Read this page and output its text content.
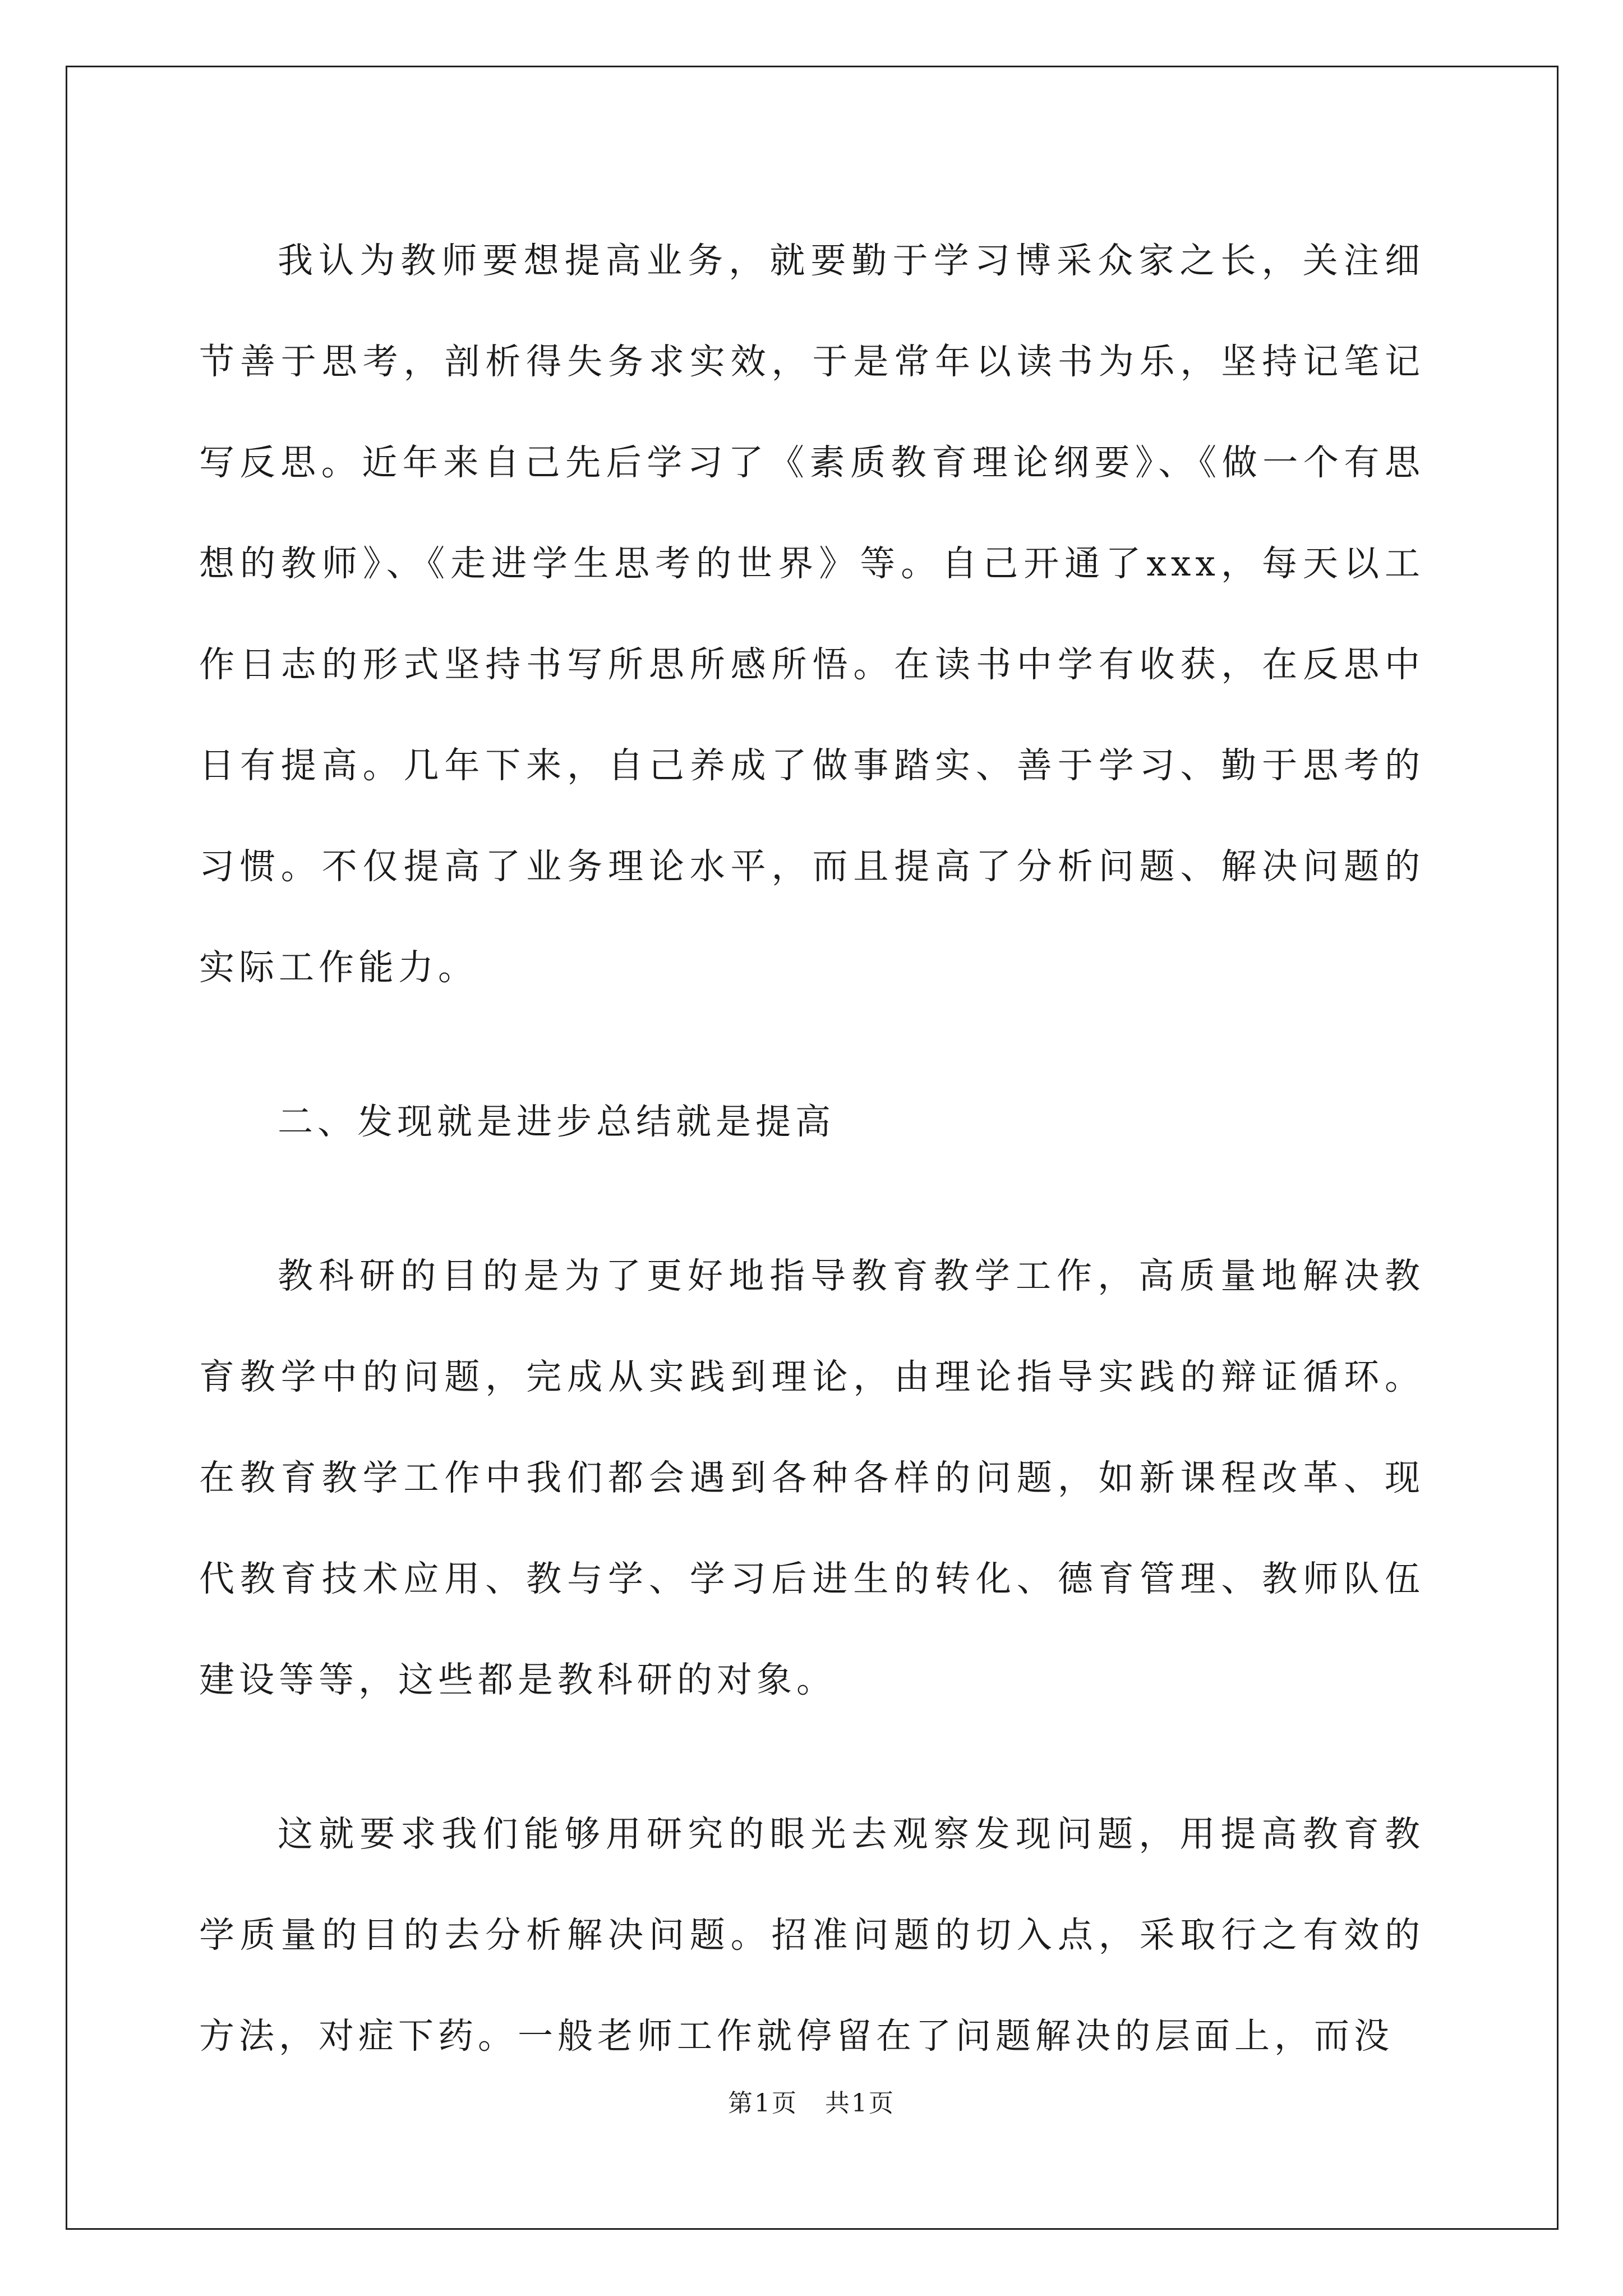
我认为教师要想提高业务，就要勤于学习博采众家之长，关注细节善于思考，剖析得失务求实效，于是常年以读书为乐，坚持记笔记写反思。近年来自己先后学习了《素质教育理论纲要》、《做一个有思想的教师》、《走进学生思考的世界》等。自己开通了xxx，每天以工作日志的形式坚持书写所思所感所悟。在读书中学有收获，在反思中日有提高。几年下来，自己养成了做事踏实、善于学习、勤于思考的习惯。不仅提高了业务理论水平，而且提高了分析问题、解决问题的实际工作能力。

二、发现就是进步总结就是提高

教科研的目的是为了更好地指导教育教学工作，高质量地解决教育教学中的问题，完成从实践到理论，由理论指导实践的辩证循环。在教育教学工作中我们都会遇到各种各样的问题，如新课程改革、现代教育技术应用、教与学、学习后进生的转化、德育管理、教师队伍建设等等，这些都是教科研的对象。

这就要求我们能够用研究的眼光去观察发现问题，用提高教育教学质量的目的去分析解决问题。招准问题的切入点，采取行之有效的方法，对症下药。一般老师工作就停留在了问题解决的层面上，而没

第1页 共1页
